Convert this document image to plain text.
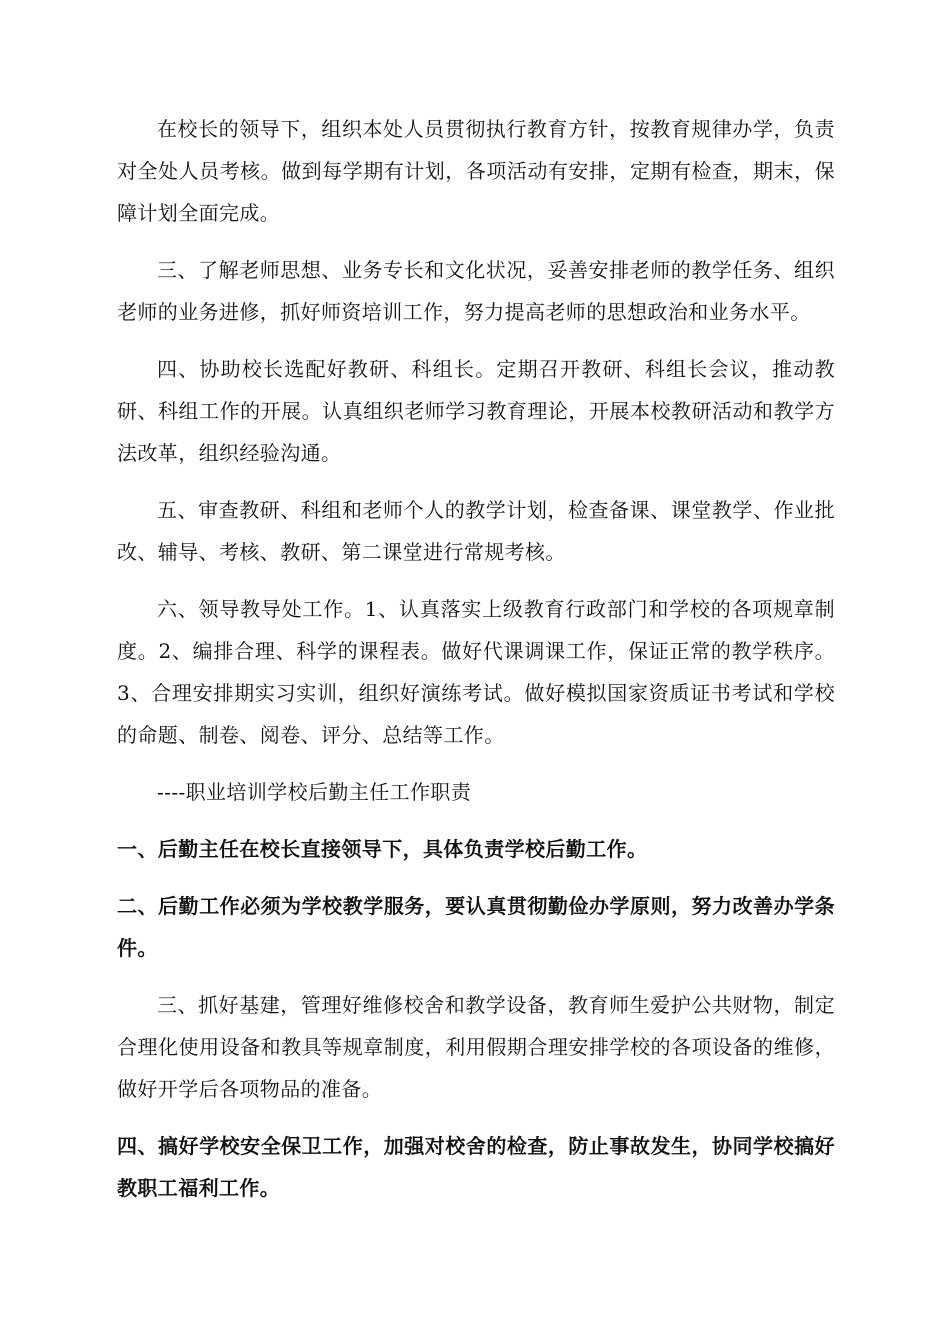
在校长的领导下，组织本处人员贯彻执行教育方针，按教育规律办学，负责对全处人员考核。做到每学期有计划，各项活动有安排，定期有检查，期末，保障计划全面完成。

三、了解老师思想、业务专长和文化状况，妥善安排老师的教学任务、组织老师的业务进修，抓好师资培训工作，努力提高老师的思想政治和业务水平。

四、协助校长选配好教研、科组长。定期召开教研、科组长会议，推动教研、科组工作的开展。认真组织老师学习教育理论，开展本校教研活动和教学方法改革，组织经验沟通。

五、审查教研、科组和老师个人的教学计划，检查备课、课堂教学、作业批改、辅导、考核、教研、第二课堂进行常规考核。

六、领导教导处工作。1、认真落实上级教育行政部门和学校的各项规章制度。2、编排合理、科学的课程表。做好代课调课工作，保证正常的教学秩序。3、合理安排期实习实训，组织好演练考试。做好模拟国家资质证书考试和学校的命题、制卷、阅卷、评分、总结等工作。

----职业培训学校后勤主任工作职责

一、后勤主任在校长直接领导下，具体负责学校后勤工作。

二、后勤工作必须为学校教学服务，要认真贯彻勤俭办学原则，努力改善办学条件。

三、抓好基建，管理好维修校舍和教学设备，教育师生爱护公共财物，制定合理化使用设备和教具等规章制度，利用假期合理安排学校的各项设备的维修，做好开学后各项物品的准备。

四、搞好学校安全保卫工作，加强对校舍的检查，防止事故发生，协同学校搞好教职工福利工作。
